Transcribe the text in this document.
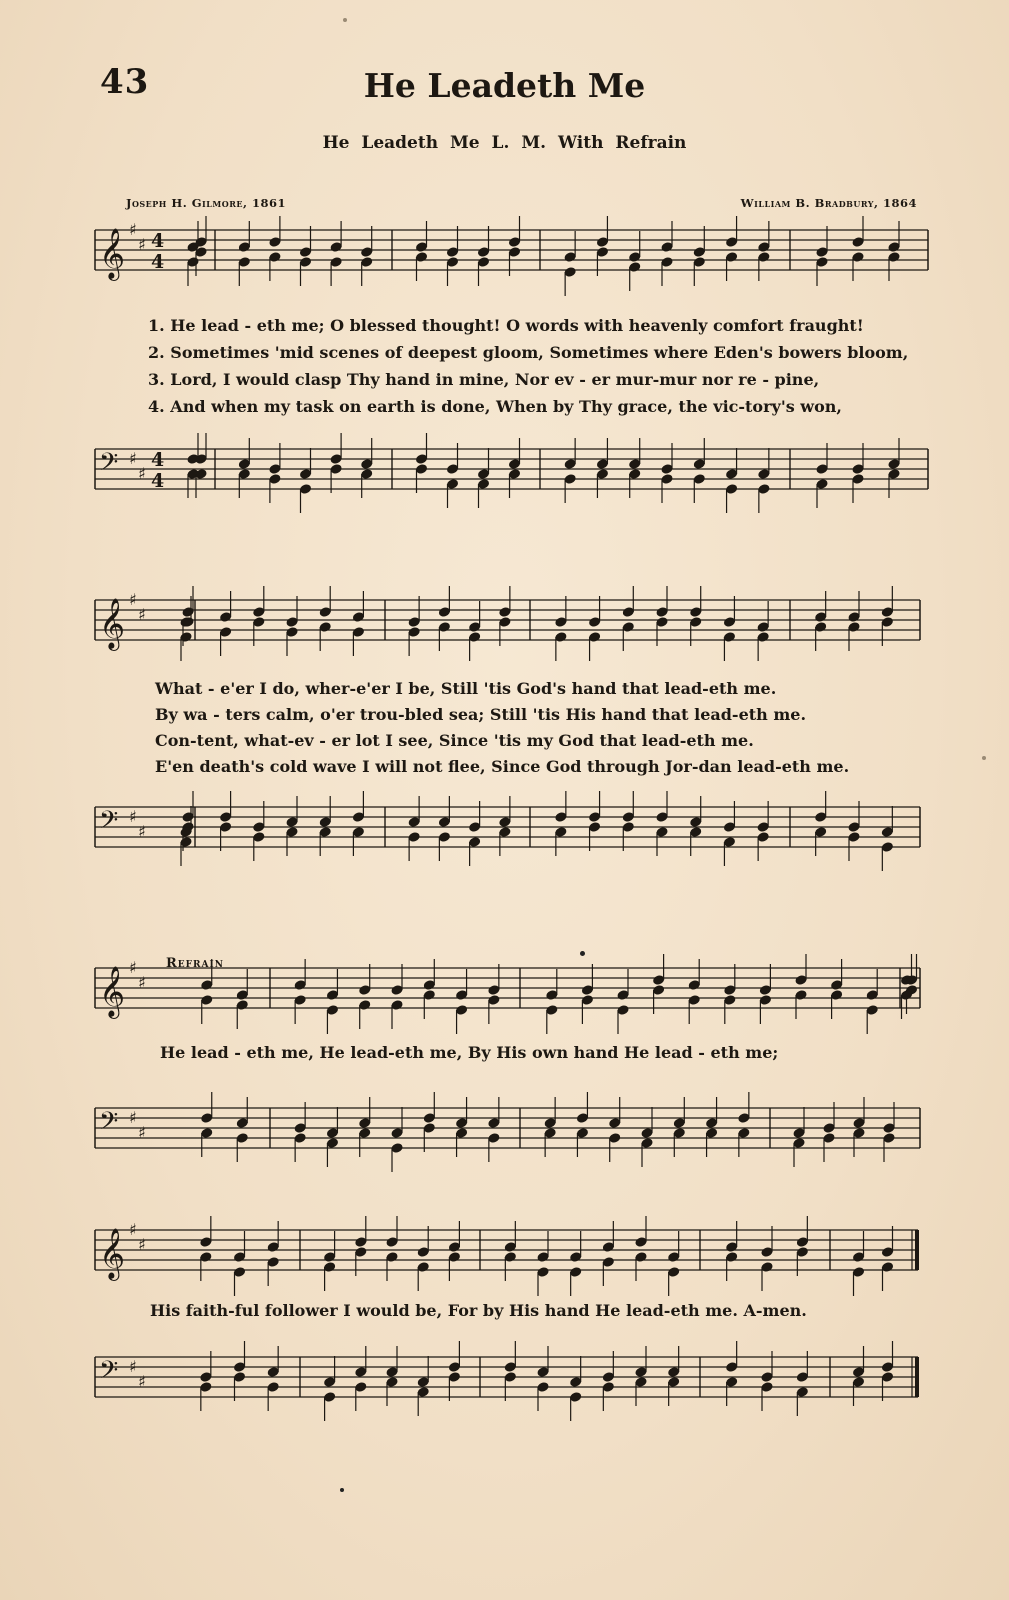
43	He Leadeth Me
He Leadeth Me L. M. With Refrain
Joseph H. Gilmore, 1861	William B. Bradbury, 1864
𝄞 ♯
♯ 4
4
1. He lead - eth me; O blessed thought! O words with heavenly comfort fraught!
2. Sometimes 'mid scenes of deepest gloom, Sometimes where Eden's bowers bloom,
3. Lord, I would clasp Thy hand in mine, Nor ev - er mur-mur nor re - pine,
4. And when my task on earth is done, When by Thy grace, the vic-tory's won,
𝄢 ♯
♯
4
4
𝄞 ♯
♯
What - e'er I do, wher-e'er I be, Still 'tis God's hand that lead-eth me.
By wa - ters calm, o'er trou-bled sea; Still 'tis His hand that lead-eth me.
Con-tent, what-ev - er lot I see, Since 'tis my God that lead-eth me.
E'en death's cold wave I will not flee, Since God through Jor-dan lead-eth me.
𝄢 ♯
♯
Refrain
𝄞 ♯
♯
He lead - eth me, He lead-eth me, By His own hand He lead - eth me;
𝄢 ♯
♯
𝄞 ♯
♯
His faith-ful follower I would be, For by His hand He lead-eth me. A-men.
𝄢 ♯
♯
